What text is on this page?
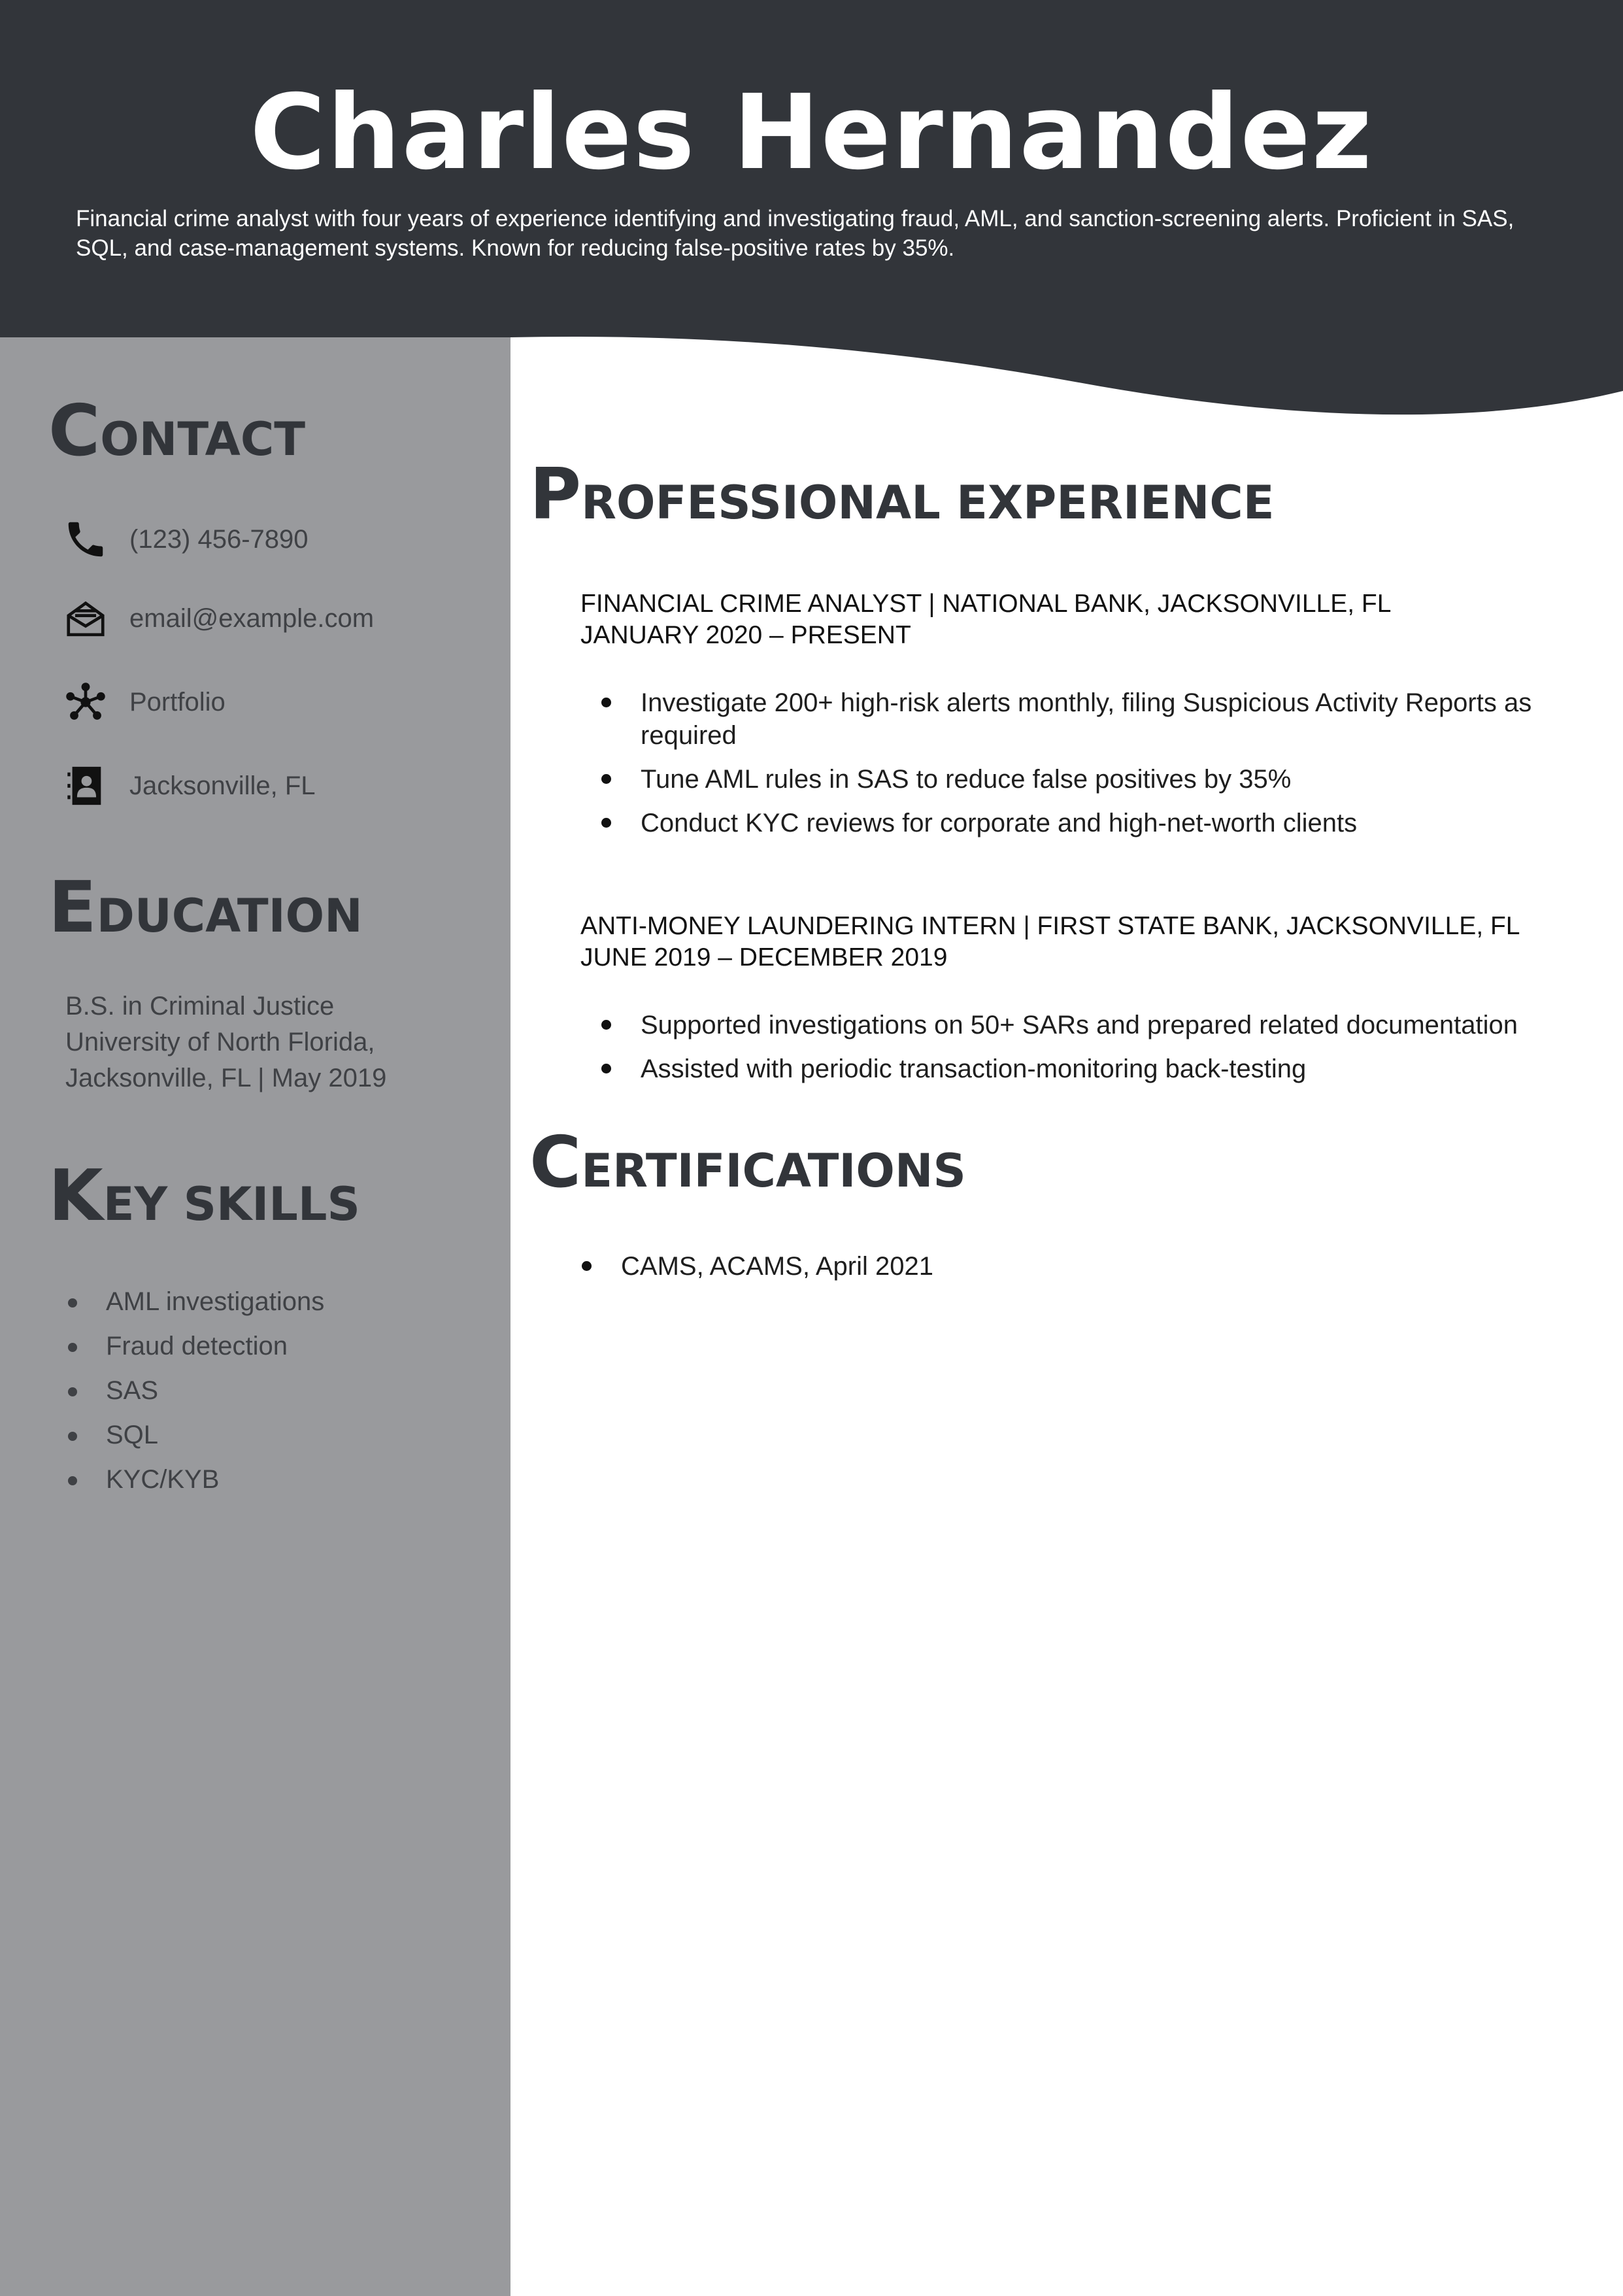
Charles Hernandez

Financial crime analyst with four years of experience identifying and investigating fraud, AML, and sanction-screening alerts. Proficient in SAS, SQL, and case-management systems. Known for reducing false-positive rates by 35%.

CONTACT
(123) 456-7890
email@example.com
Portfolio
Jacksonville, FL
EDUCATION
B.S. in Criminal Justice
University of North Florida,
Jacksonville, FL | May 2019
KEY SKILLS
AML investigations
Fraud detection
SAS
SQL
KYC/KYB
PROFESSIONAL EXPERIENCE
FINANCIAL CRIME ANALYST | NATIONAL BANK, JACKSONVILLE, FL
JANUARY 2020 – PRESENT
Investigate 200+ high-risk alerts monthly, filing Suspicious Activity Reports as required
Tune AML rules in SAS to reduce false positives by 35%
Conduct KYC reviews for corporate and high-net-worth clients
ANTI-MONEY LAUNDERING INTERN | FIRST STATE BANK, JACKSONVILLE, FL
JUNE 2019 – DECEMBER 2019
Supported investigations on 50+ SARs and prepared related documentation
Assisted with periodic transaction-monitoring back-testing
CERTIFICATIONS
CAMS, ACAMS, April 2021
